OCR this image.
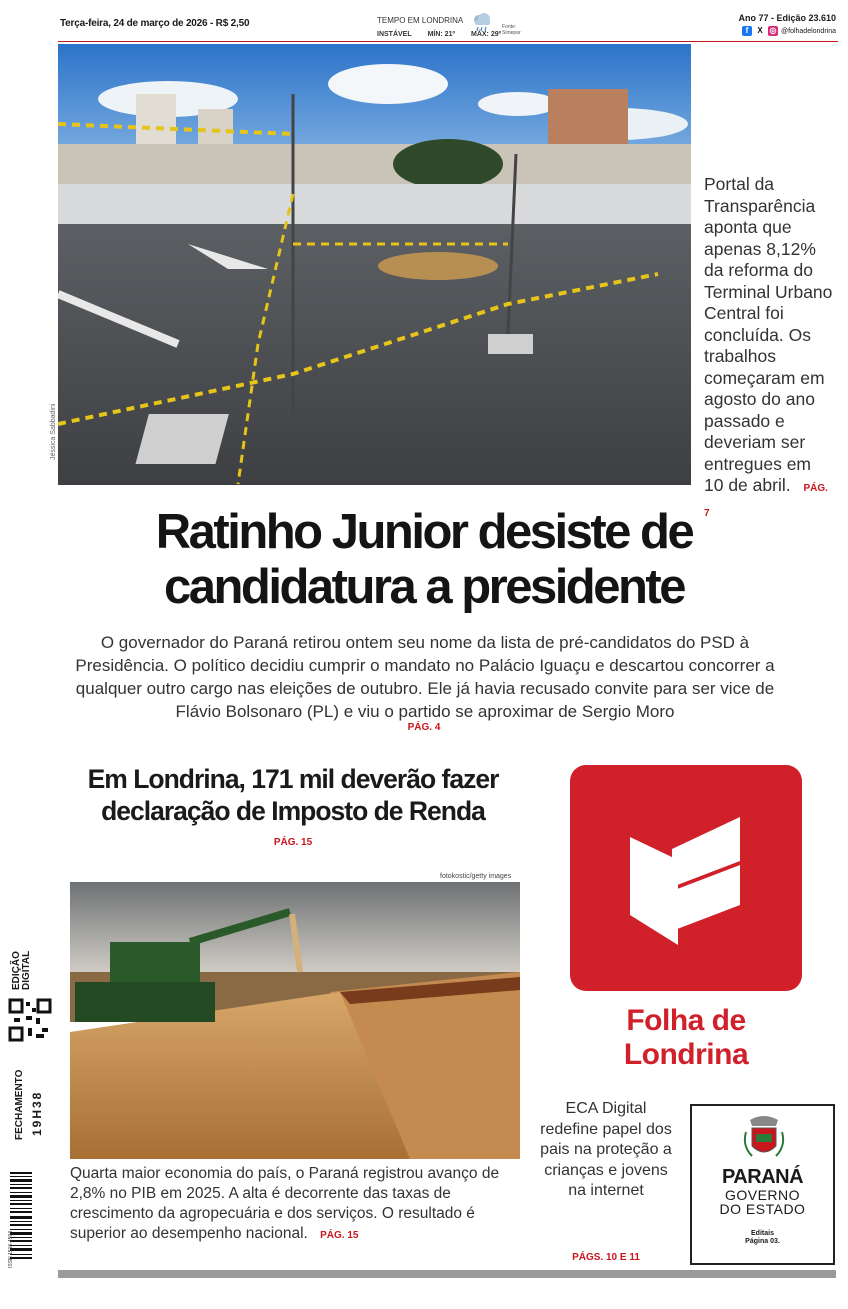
Terça-feira, 24 de março de 2026 - R$ 2,50	TEMPO EM LONDRINA
INSTÁVEL MÍN: 21º MÁX: 29º
Fonte: Simepar
Ano 77 - Edição 23.610
f	X ◎ @folhadelondrina
Jéssica Sabbadini
Portal da Transparência aponta que apenas 8,12% da reforma do Terminal Urbano Central foi concluída. Os trabalhos começaram em agosto do ano passado e deveriam ser entregues em 10 de abril. PÁG. 7
Ratinho Junior desiste de
candidatura a presidente
O governador do Paraná retirou ontem seu nome da lista de pré-candidatos do PSD à Presidência. O político decidiu cumprir o mandato no Palácio Iguaçu e descartou concorrer a qualquer outro cargo nas eleições de outubro. Ele já havia recusado convite para ser vice de Flávio Bolsonaro (PL) e viu o partido se aproximar de Sergio Moro
PÁG. 4
Em Londrina, 171 mil deverão fazer declaração de Imposto de Renda
PÁG. 15
fotokostic/getty images
Quarta maior economia do país, o Paraná registrou avanço de 2,8% no PIB em 2025. A alta é decorrente das taxas de crescimento da agropecuária e dos serviços. O resultado é superior ao desempenho nacional. PÁG. 15
Folha de
Londrina
ECA Digital redefine papel dos pais na proteção a crianças e jovens na internet
PÁGS. 10 E 11
PARANÁ
GOVERNO
DO ESTADO
Editais
Página 03.
EDIÇÃO DIGITAL
FECHAMENTO 19H38
ISSN 1516-4594
